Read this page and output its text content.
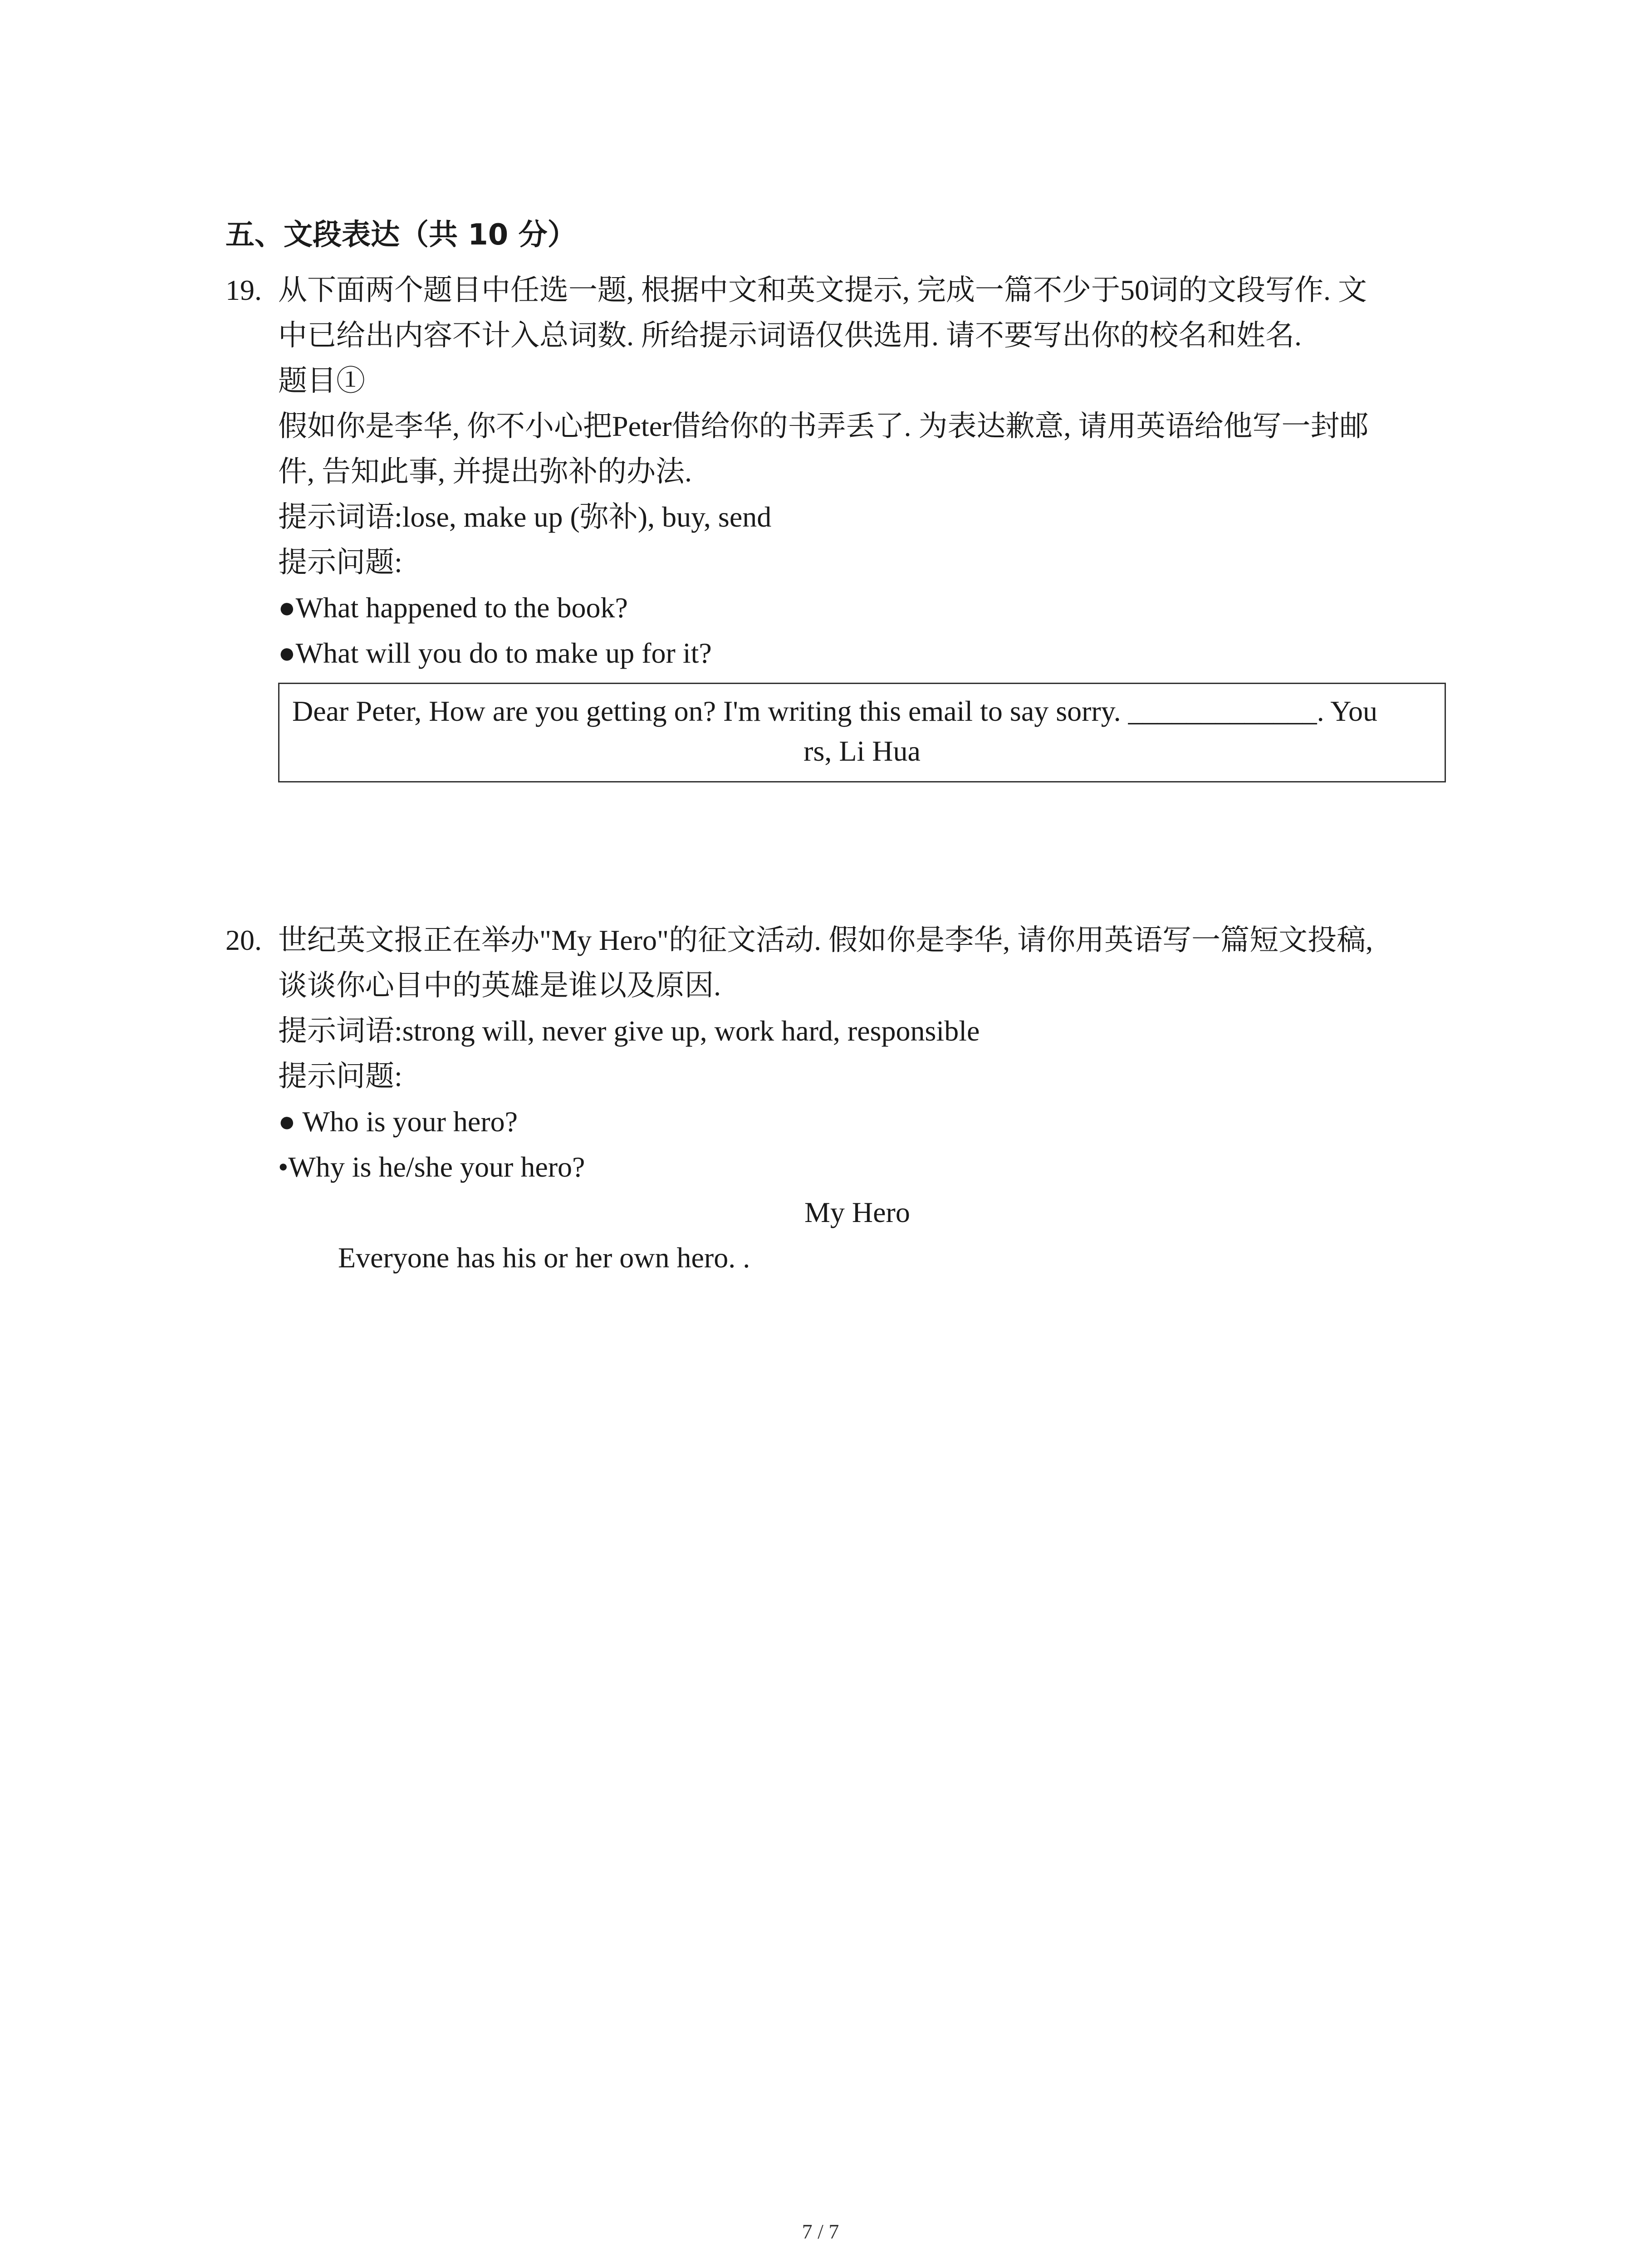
五、文段表达（共 10 分）
19. 从下面两个题目中任选一题, 根据中文和英文提示, 完成一篇不少于50词的文段写作. 文
中已给出内容不计入总词数. 所给提示词语仅供选用. 请不要写出你的校名和姓名.
题目①
假如你是李华, 你不小心把Peter借给你的书弄丢了. 为表达歉意, 请用英语给他写一封邮
件, 告知此事, 并提出弥补的办法.
提示词语:lose, make up (弥补), buy, send
提示问题:
●What happened to the book?
●What will you do to make up for it?
Dear Peter, How are you getting on? I'm writing this email to say sorry. _____________. You
rs, Li Hua
20. 世纪英文报正在举办"My Hero"的征文活动. 假如你是李华, 请你用英语写一篇短文投稿,
谈谈你心目中的英雄是谁以及原因.
提示词语:strong will, never give up, work hard, responsible
提示问题:
● Who is your hero?
•Why is he/she your hero?
My Hero
Everyone has his or her own hero. .
7 / 7
